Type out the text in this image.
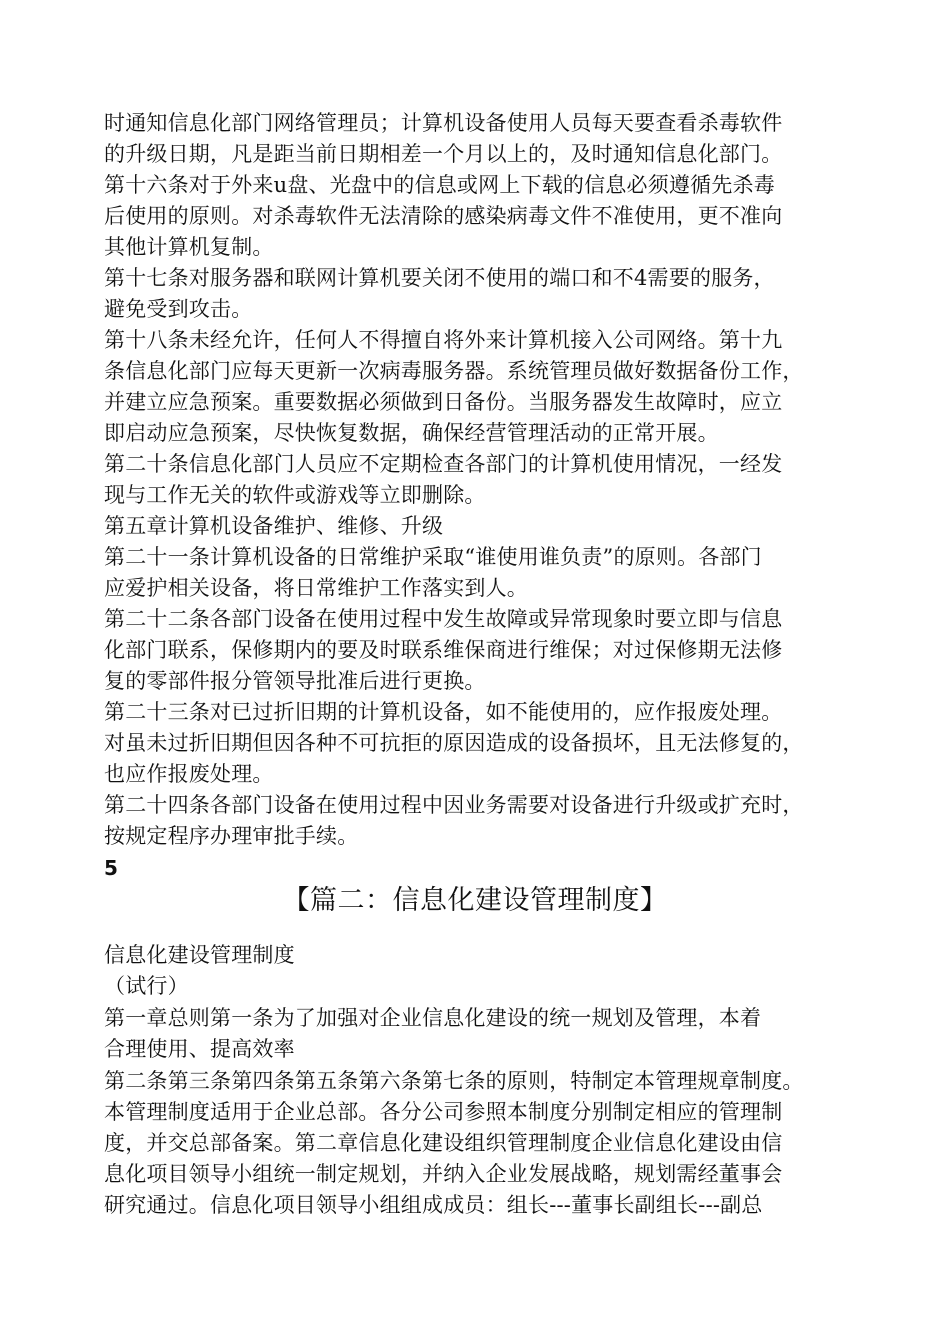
时通知信息化部门网络管理员；计算机设备使用人员每天要查看杀毒软件
的升级日期，凡是距当前日期相差一个月以上的，及时通知信息化部门。
第十六条对于外来u盘、光盘中的信息或网上下载的信息必须遵循先杀毒
后使用的原则。对杀毒软件无法清除的感染病毒文件不准使用，更不准向
其他计算机复制。
第十七条对服务器和联网计算机要关闭不使用的端口和不4需要的服务，
避免受到攻击。
第十八条未经允许，任何人不得擅自将外来计算机接入公司网络。第十九
条信息化部门应每天更新一次病毒服务器。系统管理员做好数据备份工作，
并建立应急预案。重要数据必须做到日备份。当服务器发生故障时，应立
即启动应急预案，尽快恢复数据，确保经营管理活动的正常开展。
第二十条信息化部门人员应不定期检查各部门的计算机使用情况，一经发
现与工作无关的软件或游戏等立即删除。
第五章计算机设备维护、维修、升级
第二十一条计算机设备的日常维护采取“谁使用谁负责”的原则。各部门
应爱护相关设备，将日常维护工作落实到人。
第二十二条各部门设备在使用过程中发生故障或异常现象时要立即与信息
化部门联系，保修期内的要及时联系维保商进行维保；对过保修期无法修
复的零部件报分管领导批准后进行更换。
第二十三条对已过折旧期的计算机设备，如不能使用的，应作报废处理。
对虽未过折旧期但因各种不可抗拒的原因造成的设备损坏，且无法修复的，
也应作报废处理。
第二十四条各部门设备在使用过程中因业务需要对设备进行升级或扩充时，
按规定程序办理审批手续。
5
【篇二：信息化建设管理制度】
信息化建设管理制度
（试行）
第一章总则第一条为了加强对企业信息化建设的统一规划及管理，本着
合理使用、提高效率
第二条第三条第四条第五条第六条第七条的原则，特制定本管理规章制度。
本管理制度适用于企业总部。各分公司参照本制度分别制定相应的管理制
度，并交总部备案。第二章信息化建设组织管理制度企业信息化建设由信
息化项目领导小组统一制定规划，并纳入企业发展战略，规划需经董事会
研究通过。信息化项目领导小组组成成员：组长---董事长副组长---副总
